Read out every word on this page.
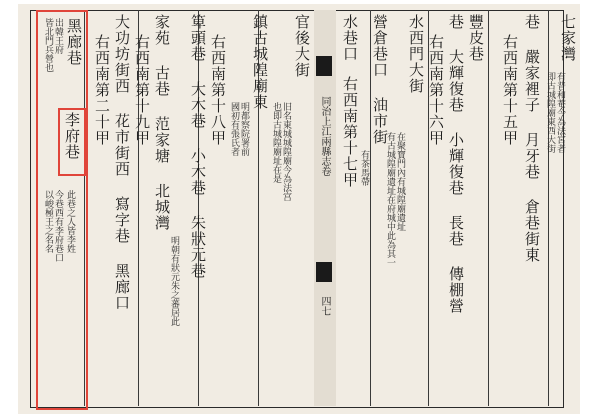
同治上江兩縣志卷
四七
七家灣
有普和菴今為法宮者
即古城隍廟東西大街
巷 嚴家裡子 月牙巷 倉巷街東
右西南第十五甲
豐皮巷
巷 大輝復巷 小輝復巷 長巷 傳棚營
右西南第十六甲
水西門大街
在聚寶門內有城隍廟遺址
有古城隍廟遺址在府城中此為其一
營倉巷口 油市街
有茶馬帶
水巷口
右西南第十七甲
官後大街
旧名東城城隍廟今為法宫
也即古城隍廟址在是
鎮古城隍廟東
明都察院署前
國初有張氏者
右西南第十八甲
箄頭巷 大木巷 小木巷 朱狀元巷
明朝有狀元朱之蕃居此
家苑 古巷 范家塘 北城灣
右西南第十九甲
大功坊街西 花市街西 寫字巷 黑廊口
右西南第二十甲
黑廊巷
出韓王府
皆北門兵營也
李府巷
此巷之人皆李姓
今巷西有李府巷口
以峻極王之名名
